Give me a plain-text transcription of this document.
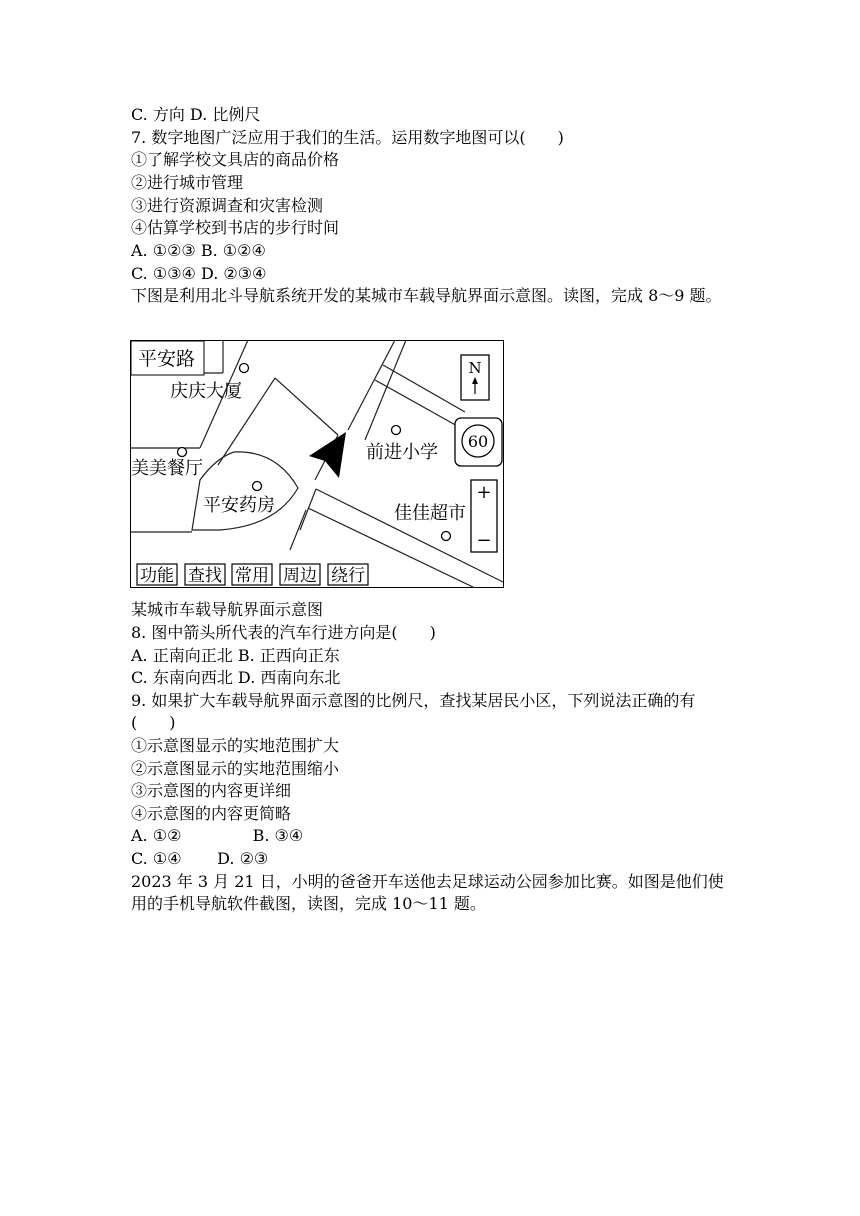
C. 方向 D. 比例尺
7. 数字地图广泛应用于我们的生活。运用数字地图可以(　　)
①了解学校文具店的商品价格
②进行城市管理
③进行资源调查和灾害检测
④估算学校到书店的步行时间
A. ①②③ B. ①②④
C. ①③④ D. ②③④
下图是利用北斗导航系统开发的某城市车载导航界面示意图。读图，完成 8～9 题。
平安路
庆庆大厦
美美餐厅
平安药房
前进小学
佳佳超市
N
60
+
−
功能 查找 常用 周边 绕行
某城市车载导航界面示意图
8. 图中箭头所代表的汽车行进方向是(　　)
A. 正南向正北 B. 正西向正东
C. 东南向西北 D. 西南向东北
9. 如果扩大车载导航界面示意图的比例尺，查找某居民小区，下列说法正确的有(　　)
①示意图显示的实地范围扩大
②示意图显示的实地范围缩小
③示意图的内容更详细
④示意图的内容更简略
A. ①②              B. ③④
C. ①④       D. ②③
2023 年 3 月 21 日，小明的爸爸开车送他去足球运动公园参加比赛。如图是他们使用的手机导航软件截图，读图，完成 10～11 题。
